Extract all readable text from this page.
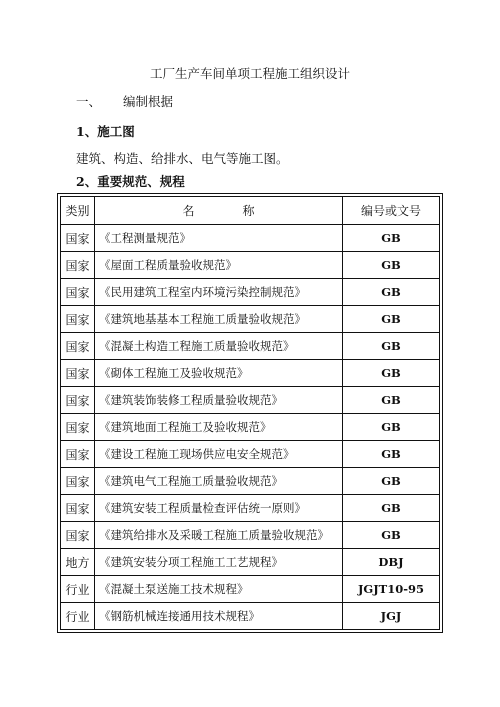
工厂生产车间单项工程施工组织设计
一、 编制根据
1、施工图
建筑、构造、给排水、电气等施工图。
2、重要规范、规程
类别	名 称	编号或文号
国家	《工程测量规范》	GB
国家	《屋面工程质量验收规范》	GB
国家	《民用建筑工程室内环境污染控制规范》	GB
国家	《建筑地基基本工程施工质量验收规范》	GB
国家	《混凝土构造工程施工质量验收规范》	GB
国家	《砌体工程施工及验收规范》	GB
国家	《建筑装饰装修工程质量验收规范》	GB
国家	《建筑地面工程施工及验收规范》	GB
国家	《建设工程施工现场供应电安全规范》	GB
国家	《建筑电气工程施工质量验收规范》	GB
国家	《建筑安装工程质量检查评估统一原则》	GB
国家	《建筑给排水及采暖工程施工质量验收规范》	GB
地方	《建筑安装分项工程施工工艺规程》	DBJ
行业	《混凝土泵送施工技术规程》	JGJT10-95
行业	《钢筋机械连接通用技术规程》	JGJ
